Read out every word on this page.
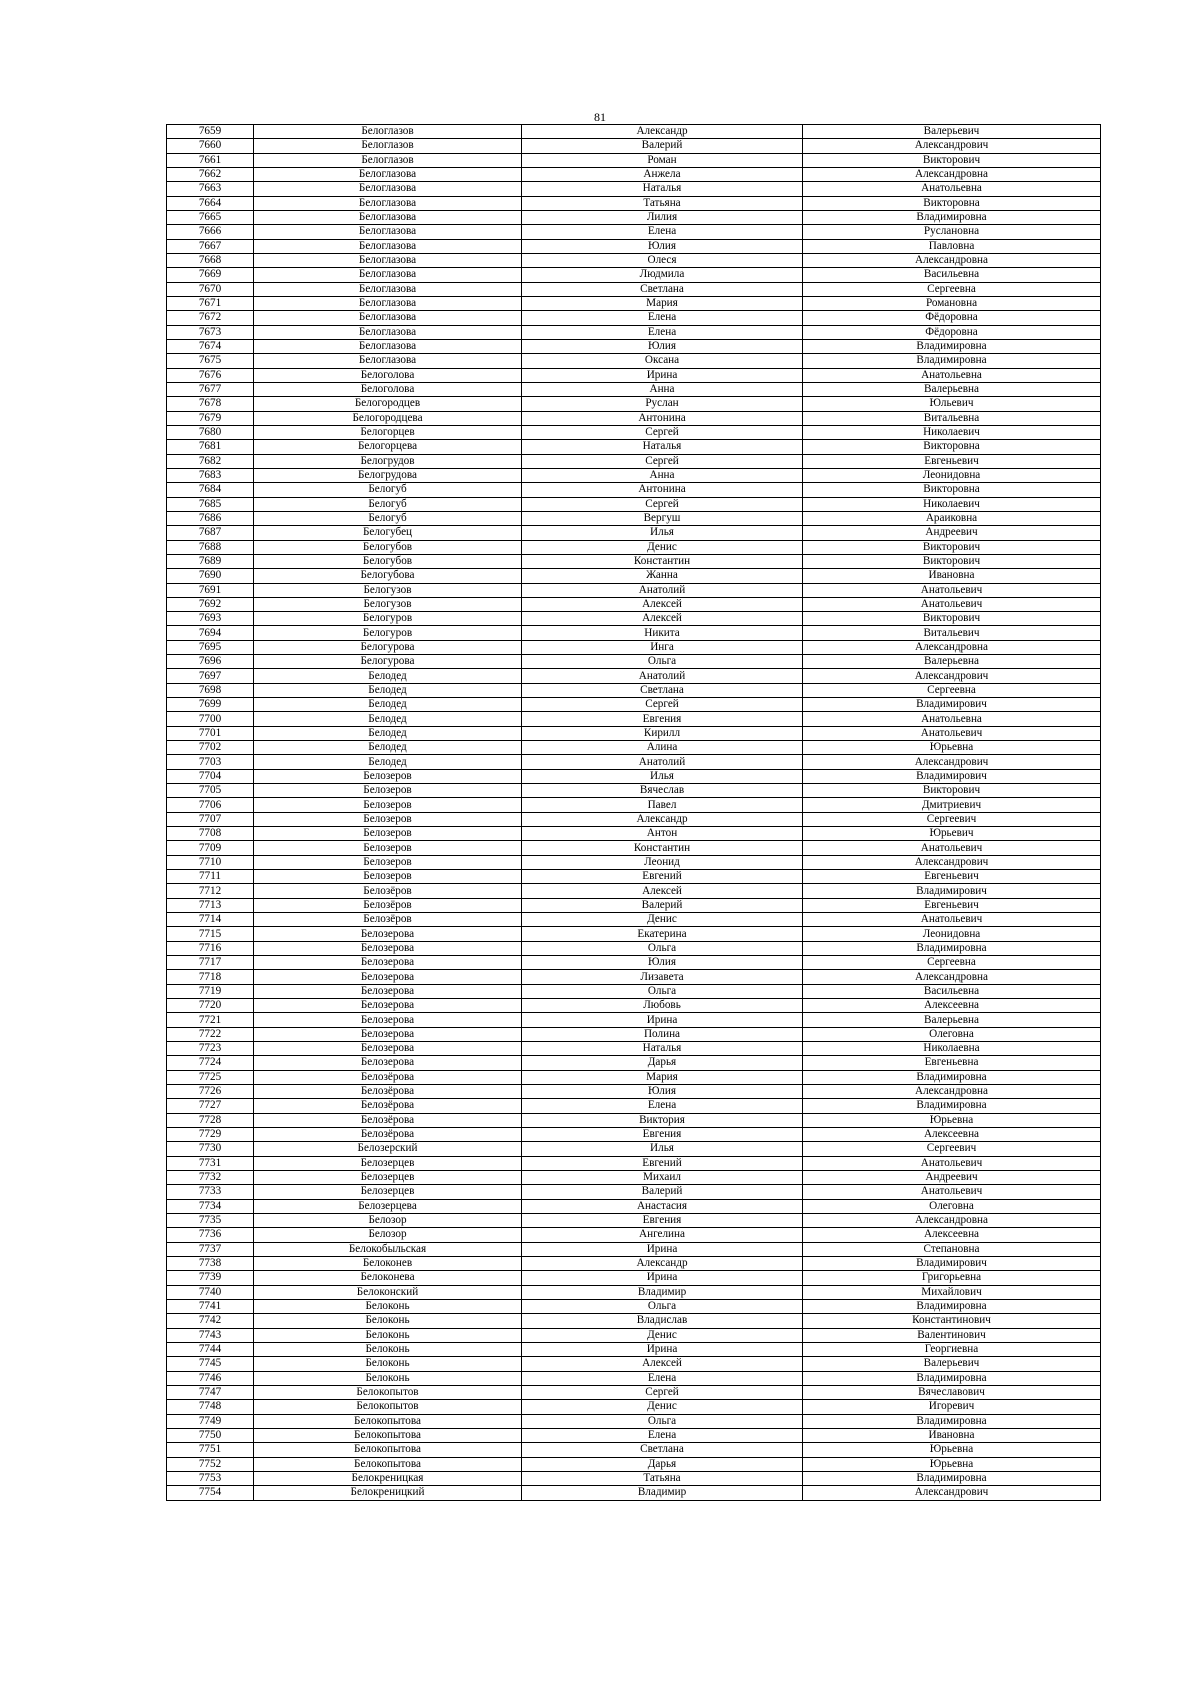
81
7659	Белоглазов	Александр	Валерьевич
7660	Белоглазов	Валерий	Александрович
7661	Белоглазов	Роман	Викторович
7662	Белоглазова	Анжела	Александровна
7663	Белоглазова	Наталья	Анатольевна
7664	Белоглазова	Татьяна	Викторовна
7665	Белоглазова	Лилия	Владимировна
7666	Белоглазова	Елена	Руслановна
7667	Белоглазова	Юлия	Павловна
7668	Белоглазова	Олеся	Александровна
7669	Белоглазова	Людмила	Васильевна
7670	Белоглазова	Светлана	Сергеевна
7671	Белоглазова	Мария	Романовна
7672	Белоглазова	Елена	Фёдоровна
7673	Белоглазова	Елена	Фёдоровна
7674	Белоглазова	Юлия	Владимировна
7675	Белоглазова	Оксана	Владимировна
7676	Белоголова	Ирина	Анатольевна
7677	Белоголова	Анна	Валерьевна
7678	Белогородцев	Руслан	Юльевич
7679	Белогородцева	Антонина	Витальевна
7680	Белогорцев	Сергей	Николаевич
7681	Белогорцева	Наталья	Викторовна
7682	Белогрудов	Сергей	Евгеньевич
7683	Белогрудова	Анна	Леонидовна
7684	Белогуб	Антонина	Викторовна
7685	Белогуб	Сергей	Николаевич
7686	Белогуб	Вергуш	Араиковна
7687	Белогубец	Илья	Андреевич
7688	Белогубов	Денис	Викторович
7689	Белогубов	Константин	Викторович
7690	Белогубова	Жанна	Ивановна
7691	Белогузов	Анатолий	Анатольевич
7692	Белогузов	Алексей	Анатольевич
7693	Белогуров	Алексей	Викторович
7694	Белогуров	Никита	Витальевич
7695	Белогурова	Инга	Александровна
7696	Белогурова	Ольга	Валерьевна
7697	Белодед	Анатолий	Александрович
7698	Белодед	Светлана	Сергеевна
7699	Белодед	Сергей	Владимирович
7700	Белодед	Евгения	Анатольевна
7701	Белодед	Кирилл	Анатольевич
7702	Белодед	Алина	Юрьевна
7703	Белодед	Анатолий	Александрович
7704	Белозеров	Илья	Владимирович
7705	Белозеров	Вячеслав	Викторович
7706	Белозеров	Павел	Дмитриевич
7707	Белозеров	Александр	Сергеевич
7708	Белозеров	Антон	Юрьевич
7709	Белозеров	Константин	Анатольевич
7710	Белозеров	Леонид	Александрович
7711	Белозеров	Евгений	Евгеньевич
7712	Белозёров	Алексей	Владимирович
7713	Белозёров	Валерий	Евгеньевич
7714	Белозёров	Денис	Анатольевич
7715	Белозерова	Екатерина	Леонидовна
7716	Белозерова	Ольга	Владимировна
7717	Белозерова	Юлия	Сергеевна
7718	Белозерова	Лизавета	Александровна
7719	Белозерова	Ольга	Васильевна
7720	Белозерова	Любовь	Алексеевна
7721	Белозерова	Ирина	Валерьевна
7722	Белозерова	Полина	Олеговна
7723	Белозерова	Наталья	Николаевна
7724	Белозерова	Дарья	Евгеньевна
7725	Белозёрова	Мария	Владимировна
7726	Белозёрова	Юлия	Александровна
7727	Белозёрова	Елена	Владимировна
7728	Белозёрова	Виктория	Юрьевна
7729	Белозёрова	Евгения	Алексеевна
7730	Белозерский	Илья	Сергеевич
7731	Белозерцев	Евгений	Анатольевич
7732	Белозерцев	Михаил	Андреевич
7733	Белозерцев	Валерий	Анатольевич
7734	Белозерцева	Анастасия	Олеговна
7735	Белозор	Евгения	Александровна
7736	Белозор	Ангелина	Алексеевна
7737	Белокобыльская	Ирина	Степановна
7738	Белоконев	Александр	Владимирович
7739	Белоконева	Ирина	Григорьевна
7740	Белоконский	Владимир	Михайлович
7741	Белоконь	Ольга	Владимировна
7742	Белоконь	Владислав	Константинович
7743	Белоконь	Денис	Валентинович
7744	Белоконь	Ирина	Георгиевна
7745	Белоконь	Алексей	Валерьевич
7746	Белоконь	Елена	Владимировна
7747	Белокопытов	Сергей	Вячеславович
7748	Белокопытов	Денис	Игоревич
7749	Белокопытова	Ольга	Владимировна
7750	Белокопытова	Елена	Ивановна
7751	Белокопытова	Светлана	Юрьевна
7752	Белокопытова	Дарья	Юрьевна
7753	Белокреницкая	Татьяна	Владимировна
7754	Белокреницкий	Владимир	Александрович
